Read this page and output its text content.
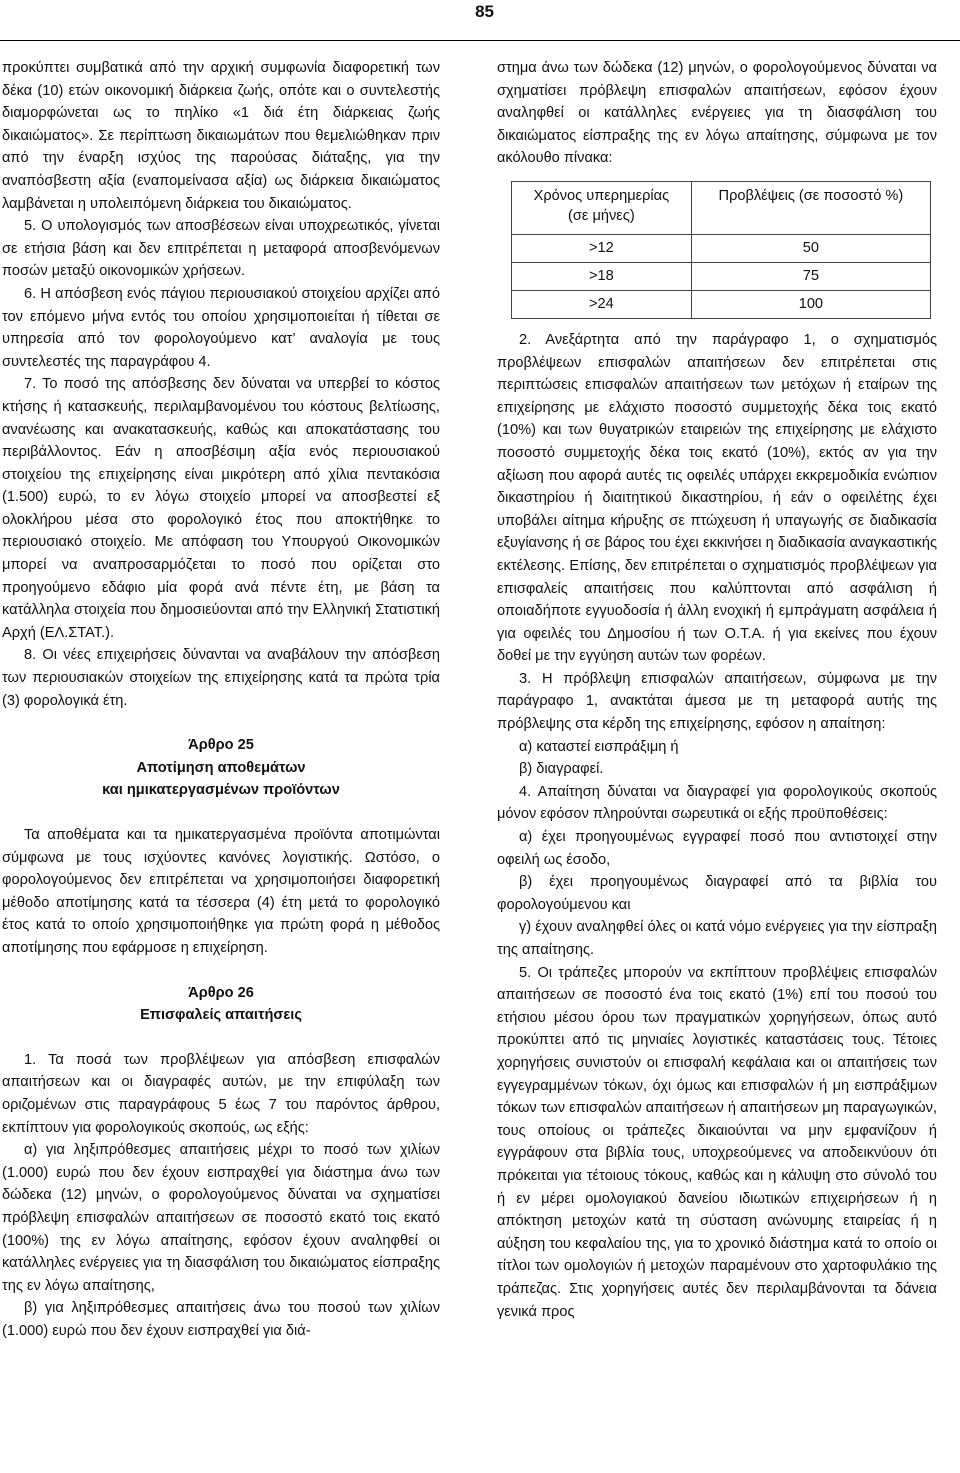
85

προκύπτει συμβατικά από την αρχική συμφωνία διαφορετική των δέκα (10) ετών οικονομική διάρκεια ζωής, οπότε και ο συντελεστής διαμορφώνεται ως το πηλίκο «1 διά έτη διάρκειας ζωής δικαιώματος». Σε περίπτωση δικαιωμάτων που θεμελιώθηκαν πριν από την έναρξη ισχύος της παρούσας διάταξης, για την αναπόσβεστη αξία (εναπομείνασα αξία) ως διάρκεια δικαιώματος λαμβάνεται η υπολειπόμενη διάρκεια του δικαιώματος.

5. Ο υπολογισμός των αποσβέσεων είναι υποχρεωτικός, γίνεται σε ετήσια βάση και δεν επιτρέπεται η μεταφορά αποσβενόμενων ποσών μεταξύ οικονομικών χρήσεων.

6. Η απόσβεση ενός πάγιου περιουσιακού στοιχείου αρχίζει από τον επόμενο μήνα εντός του οποίου χρησιμοποιείται ή τίθεται σε υπηρεσία από τον φορολογούμενο κατ’ αναλογία με τους συντελεστές της παραγράφου 4.

7. Το ποσό της απόσβεσης δεν δύναται να υπερβεί το κόστος κτήσης ή κατασκευής, περιλαμβανομένου του κόστους βελτίωσης, ανανέωσης και ανακατασκευής, καθώς και αποκατάστασης του περιβάλλοντος. Εάν η αποσβέσιμη αξία ενός περιουσιακού στοιχείου της επιχείρησης είναι μικρότερη από χίλια πεντακόσια (1.500) ευρώ, το εν λόγω στοιχείο μπορεί να αποσβεστεί εξ ολοκλήρου μέσα στο φορολογικό έτος που αποκτήθηκε το περιουσιακό στοιχείο. Με απόφαση του Υπουργού Οικονομικών μπορεί να αναπροσαρμόζεται το ποσό που ορίζεται στο προηγούμενο εδάφιο μία φορά ανά πέντε έτη, με βάση τα κατάλληλα στοιχεία που δημοσιεύονται από την Ελληνική Στατιστική Αρχή (ΕΛ.ΣΤΑΤ.).

8. Οι νέες επιχειρήσεις δύνανται να αναβάλουν την απόσβεση των περιουσιακών στοιχείων της επιχείρησης κατά τα πρώτα τρία (3) φορολογικά έτη.

Άρθρο 25

Αποτίμηση αποθεμάτων

και ημικατεργασμένων προϊόντων

Τα αποθέματα και τα ημικατεργασμένα προϊόντα αποτιμώνται σύμφωνα με τους ισχύοντες κανόνες λογιστικής. Ωστόσο, ο φορολογούμενος δεν επιτρέπεται να χρησιμοποιήσει διαφορετική μέθοδο αποτίμησης κατά τα τέσσερα (4) έτη μετά το φορολογικό έτος κατά το οποίο χρησιμοποιήθηκε για πρώτη φορά η μέθοδος αποτίμησης που εφάρμοσε η επιχείρηση.

Άρθρο 26

Επισφαλείς απαιτήσεις

1. Τα ποσά των προβλέψεων για απόσβεση επισφαλών απαιτήσεων και οι διαγραφές αυτών, με την επιφύλαξη των οριζομένων στις παραγράφους 5 έως 7 του παρόντος άρθρου, εκπίπτουν για φορολογικούς σκοπούς, ως εξής:

α) για ληξιπρόθεσμες απαιτήσεις μέχρι το ποσό των χιλίων (1.000) ευρώ που δεν έχουν εισπραχθεί για διάστημα άνω των δώδεκα (12) μηνών, ο φορολογούμενος δύναται να σχηματίσει πρόβλεψη επισφαλών απαιτήσεων σε ποσοστό εκατό τοις εκατό (100%) της εν λόγω απαίτησης, εφόσον έχουν αναληφθεί οι κατάλληλες ενέργειες για τη διασφάλιση του δικαιώματος είσπραξης της εν λόγω απαίτησης,

β) για ληξιπρόθεσμες απαιτήσεις άνω του ποσού των χιλίων (1.000) ευρώ που δεν έχουν εισπραχθεί για διά-

στημα άνω των δώδεκα (12) μηνών, ο φορολογούμενος δύναται να σχηματίσει πρόβλεψη επισφαλών απαιτήσεων, εφόσον έχουν αναληφθεί οι κατάλληλες ενέργειες για τη διασφάλιση του δικαιώματος είσπραξης της εν λόγω απαίτησης, σύμφωνα με τον ακόλουθο πίνακα:

Χρόνος υπερημερίας
(σε μήνες)	Προβλέψεις (σε ποσοστό %)
>12	50
>18	75
>24	100

2. Ανεξάρτητα από την παράγραφο 1, ο σχηματισμός προβλέψεων επισφαλών απαιτήσεων δεν επιτρέπεται στις περιπτώσεις επισφαλών απαιτήσεων των μετόχων ή εταίρων της επιχείρησης με ελάχιστο ποσοστό συμμετοχής δέκα τοις εκατό (10%) και των θυγατρικών εταιρειών της επιχείρησης με ελάχιστο ποσοστό συμμετοχής δέκα τοις εκατό (10%), εκτός αν για την αξίωση που αφορά αυτές τις οφειλές υπάρχει εκκρεμοδικία ενώπιον δικαστηρίου ή διαιτητικού δικαστηρίου, ή εάν ο οφειλέτης έχει υποβάλει αίτημα κήρυξης σε πτώχευση ή υπαγωγής σε διαδικασία εξυγίανσης ή σε βάρος του έχει εκκινήσει η διαδικασία αναγκαστικής εκτέλεσης. Επίσης, δεν επιτρέπεται ο σχηματισμός προβλέψεων για επισφαλείς απαιτήσεις που καλύπτονται από ασφάλιση ή οποιαδήποτε εγγυοδοσία ή άλλη ενοχική ή εμπράγματη ασφάλεια ή για οφειλές του Δημοσίου ή των Ο.Τ.Α. ή για εκείνες που έχουν δοθεί με την εγγύηση αυτών των φορέων.

3. Η πρόβλεψη επισφαλών απαιτήσεων, σύμφωνα με την παράγραφο 1, ανακτάται άμεσα με τη μεταφορά αυτής της πρόβλεψης στα κέρδη της επιχείρησης, εφόσον η απαίτηση:

α) καταστεί εισπράξιμη ή

β) διαγραφεί.

4. Απαίτηση δύναται να διαγραφεί για φορολογικούς σκοπούς μόνον εφόσον πληρούνται σωρευτικά οι εξής προϋποθέσεις:

α) έχει προηγουμένως εγγραφεί ποσό που αντιστοιχεί στην οφειλή ως έσοδο,

β) έχει προηγουμένως διαγραφεί από τα βιβλία του φορολογούμενου και

γ) έχουν αναληφθεί όλες οι κατά νόμο ενέργειες για την είσπραξη της απαίτησης.

5. Οι τράπεζες μπορούν να εκπίπτουν προβλέψεις επισφαλών απαιτήσεων σε ποσοστό ένα τοις εκατό (1%) επί του ποσού του ετήσιου μέσου όρου των πραγματικών χορηγήσεων, όπως αυτό προκύπτει από τις μηνιαίες λογιστικές καταστάσεις τους. Τέτοιες χορηγήσεις συνιστούν οι επισφαλή κεφάλαια και οι απαιτήσεις των εγγεγραμμένων τόκων, όχι όμως και επισφαλών ή μη εισπράξιμων τόκων των επισφαλών απαιτήσεων ή απαιτήσεων μη παραγωγικών, τους οποίους οι τράπεζες δικαιούνται να μην εμφανίζουν ή εγγράφουν στα βιβλία τους, υποχρεούμενες να αποδεικνύουν ότι πρόκειται για τέτοιους τόκους, καθώς και η κάλυψη στο σύνολό του ή εν μέρει ομολογιακού δανείου ιδιωτικών επιχειρήσεων ή η απόκτηση μετοχών κατά τη σύσταση ανώνυμης εταιρείας ή η αύξηση του κεφαλαίου της, για το χρονικό διάστημα κατά το οποίο οι τίτλοι των ομολογιών ή μετοχών παραμένουν στο χαρτοφυλάκιο της τράπεζας. Στις χορηγήσεις αυτές δεν περιλαμβάνονται τα δάνεια γενικά προς
